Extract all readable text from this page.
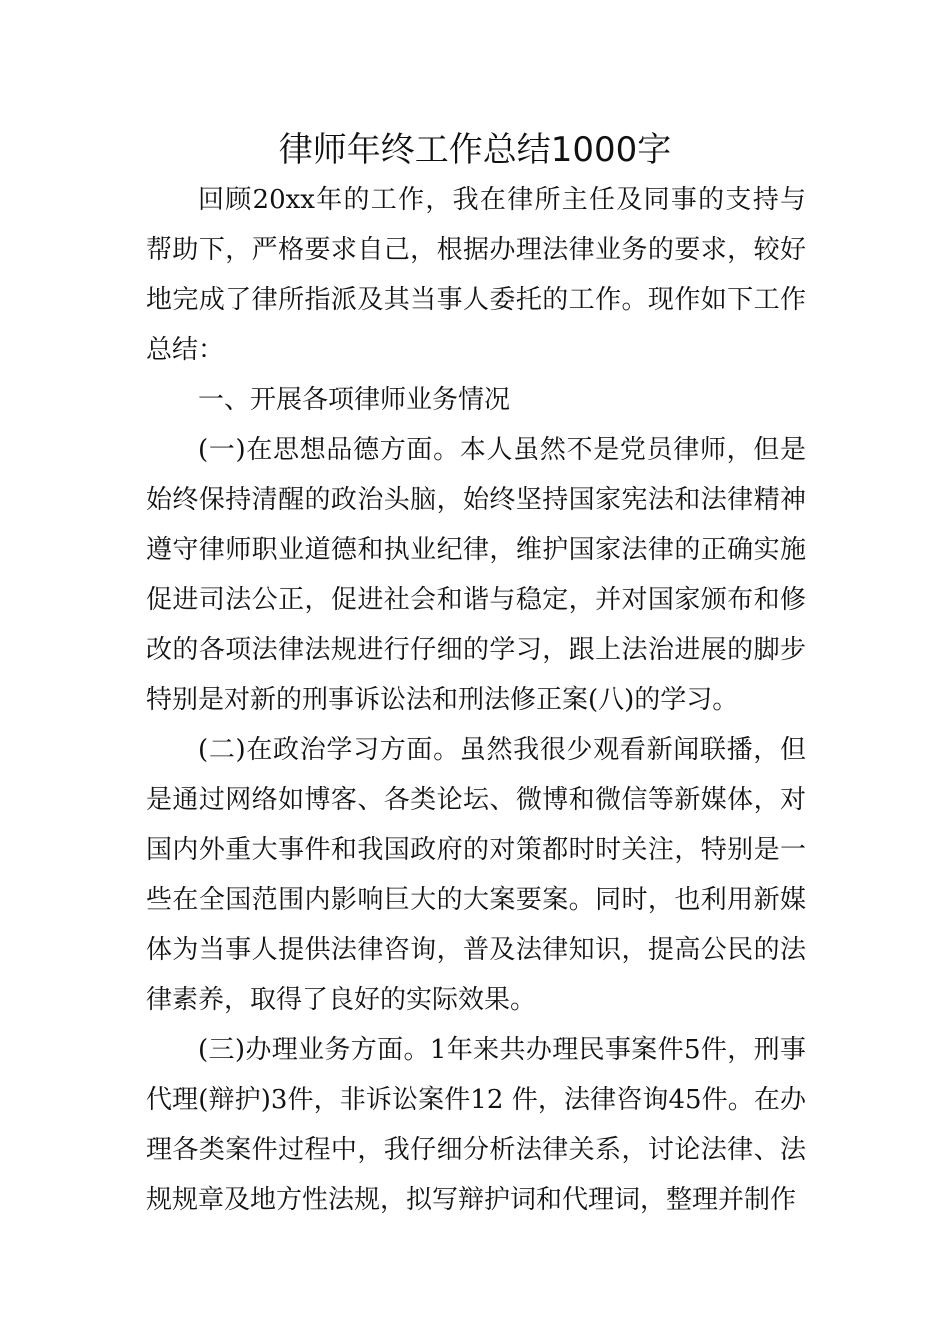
律师年终工作总结1000字

回顾20xx年的工作，我在律所主任及同事的支持与帮助下，严格要求自己，根据办理法律业务的要求，较好地完成了律所指派及其当事人委托的工作。现作如下工作总结：

一、开展各项律师业务情况

(一)在思想品德方面。本人虽然不是党员律师，但是始终保持清醒的政治头脑，始终坚持国家宪法和法律精神遵守律师职业道德和执业纪律，维护国家法律的正确实施促进司法公正，促进社会和谐与稳定，并对国家颁布和修改的各项法律法规进行仔细的学习，跟上法治进展的脚步特别是对新的刑事诉讼法和刑法修正案(八)的学习。

(二)在政治学习方面。虽然我很少观看新闻联播，但是通过网络如博客、各类论坛、微博和微信等新媒体，对国内外重大事件和我国政府的对策都时时关注，特别是一些在全国范围内影响巨大的大案要案。同时，也利用新媒体为当事人提供法律咨询，普及法律知识，提高公民的法律素养，取得了良好的实际效果。

(三)办理业务方面。1年来共办理民事案件5件，刑事代理(辩护)3件，非诉讼案件12 件，法律咨询45件。在办理各类案件过程中，我仔细分析法律关系，讨论法律、法规规章及地方性法规，拟写辩护词和代理词，整理并制作
